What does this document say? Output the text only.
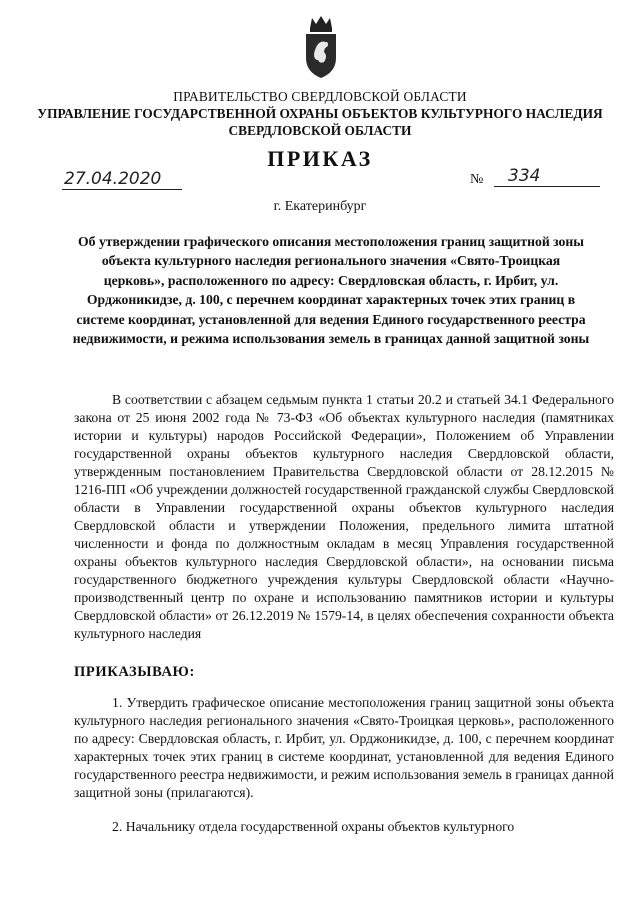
ПРАВИТЕЛЬСТВО СВЕРДЛОВСКОЙ ОБЛАСТИ
УПРАВЛЕНИЕ ГОСУДАРСТВЕННОЙ ОХРАНЫ ОБЪЕКТОВ КУЛЬТУРНОГО НАСЛЕДИЯ СВЕРДЛОВСКОЙ ОБЛАСТИ
ПРИКАЗ
27.04.2020	№	334
г. Екатеринбург
Об утверждении графического описания местоположения границ защитной зоны объекта культурного наследия регионального значения «Свято-Троицкая церковь», расположенного по адресу: Свердловская область, г. Ирбит, ул. Орджоникидзе, д. 100, с перечнем координат характерных точек этих границ в системе координат, установленной для ведения Единого государственного реестра недвижимости, и режима использования земель в границах данной защитной зоны
В соответствии с абзацем седьмым пункта 1 статьи 20.2 и статьей 34.1 Федерального закона от 25 июня 2002 года № 73-ФЗ «Об объектах культурного наследия (памятниках истории и культуры) народов Российской Федерации», Положением об Управлении государственной охраны объектов культурного наследия Свердловской области, утвержденным постановлением Правительства Свердловской области от 28.12.2015 № 1216-ПП «Об учреждении должностей государственной гражданской службы Свердловской области в Управлении государственной охраны объектов культурного наследия Свердловской области и утверждении Положения, предельного лимита штатной численности и фонда по должностным окладам в месяц Управления государственной охраны объектов культурного наследия Свердловской области», на основании письма государственного бюджетного учреждения культуры Свердловской области «Научно-производственный центр по охране и использованию памятников истории и культуры Свердловской области» от 26.12.2019 № 1579-14, в целях обеспечения сохранности объекта культурного наследия
ПРИКАЗЫВАЮ:
1. Утвердить графическое описание местоположения границ защитной зоны объекта культурного наследия регионального значения «Свято-Троицкая церковь», расположенного по адресу: Свердловская область, г. Ирбит, ул. Орджоникидзе, д. 100, с перечнем координат характерных точек этих границ в системе координат, установленной для ведения Единого государственного реестра недвижимости, и режим использования земель в границах данной защитной зоны (прилагаются).
2. Начальнику отдела государственной охраны объектов культурного
